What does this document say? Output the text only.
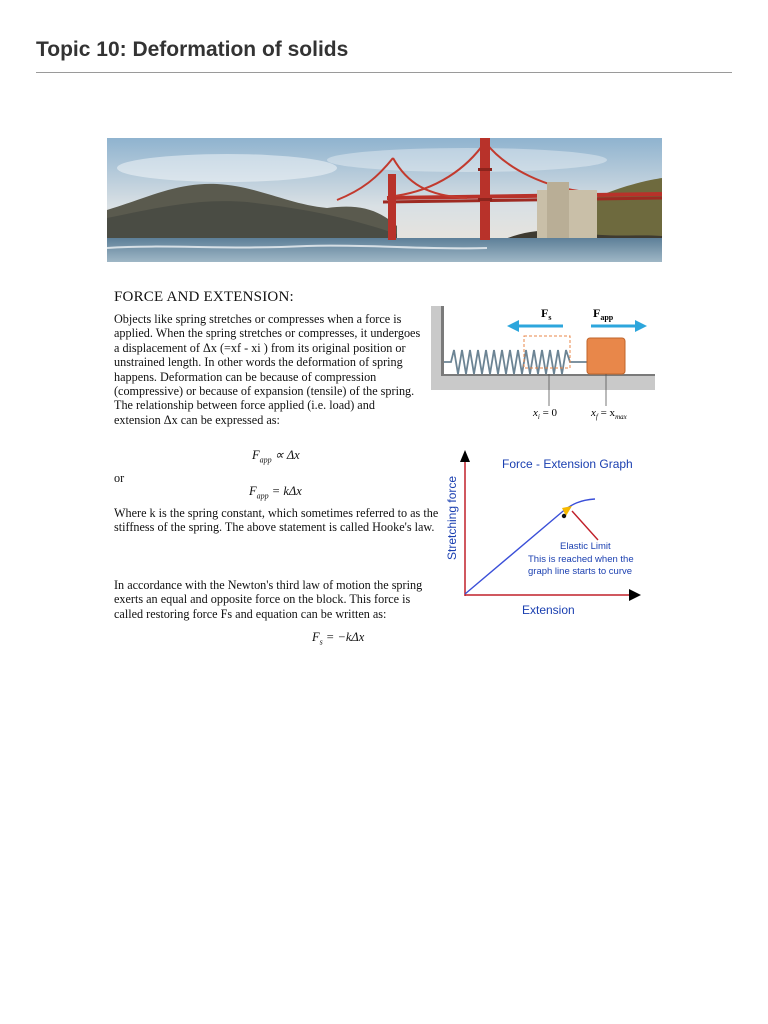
Topic 10: Deformation of solids
FORCE AND EXTENSION:
Objects like spring stretches or compresses when a force is applied. When the spring stretches or compresses, it undergoes a displacement of Δx (=xf - xi ) from its original position or unstrained length. In other words the deformation of spring happens. Deformation can be because of compression (compressive) or because of expansion (tensile) of the spring. The relationship between force applied (i.e. load) and extension Δx can be expressed as:
$F_{app} \propto \Delta x$
or
$F_{app} = k\Delta x$
Where k is the spring constant, which sometimes referred to as the stiffness of the spring. The above statement is called Hooke's law.
In accordance with the Newton's third law of motion the spring exerts an equal and opposite force on the block. This force is called restoring force Fs and equation can be written as:
$F_s = -k\Delta x$
$F_s$	$F_{app}$
$x_i = 0$	$x_f = x_{max}$
Force - Extension Graph
Stretching force
Extension
Elastic Limit
This is reached when the
graph line starts to curve
